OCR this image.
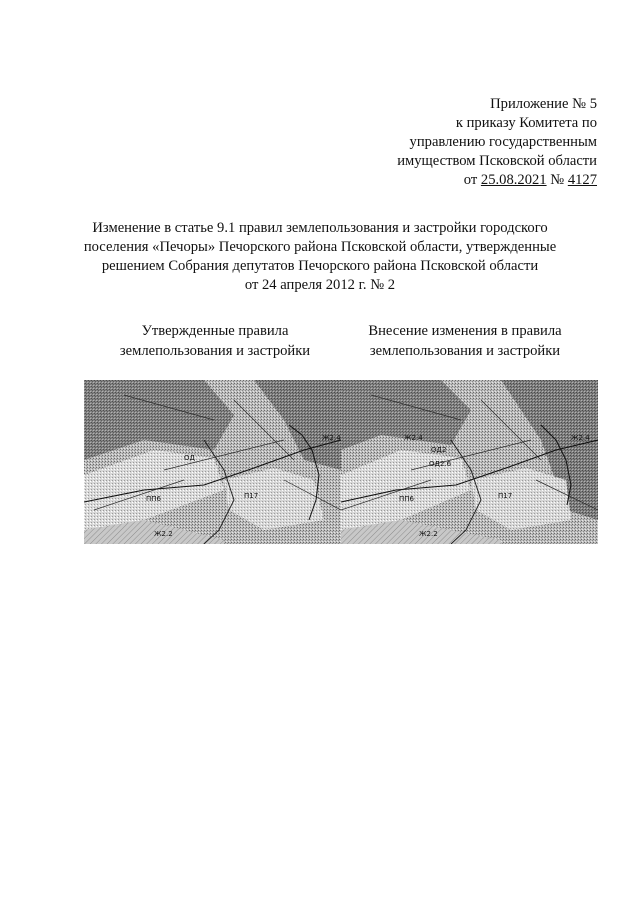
Приложение № 5
к приказу Комитета по
управлению государственным
имуществом Псковской области
от 25.08.2021 № 4127
Изменение в статье 9.1 правил землепользования и застройки городского
поселения «Печоры» Печорского района Псковской области, утвержденные
решением Собрания депутатов Печорского района Псковской области
от 24 апреля 2012 г. № 2
Утвержденные правила
землепользования и застройки
Внесение изменения в правила
землепользования и застройки
Ж2.4
ОД
ПП6	П17
Ж2.2
Ж2.4	Ж2.4
ОД2
ОД2.6
ПП6	П17
Ж2.2
